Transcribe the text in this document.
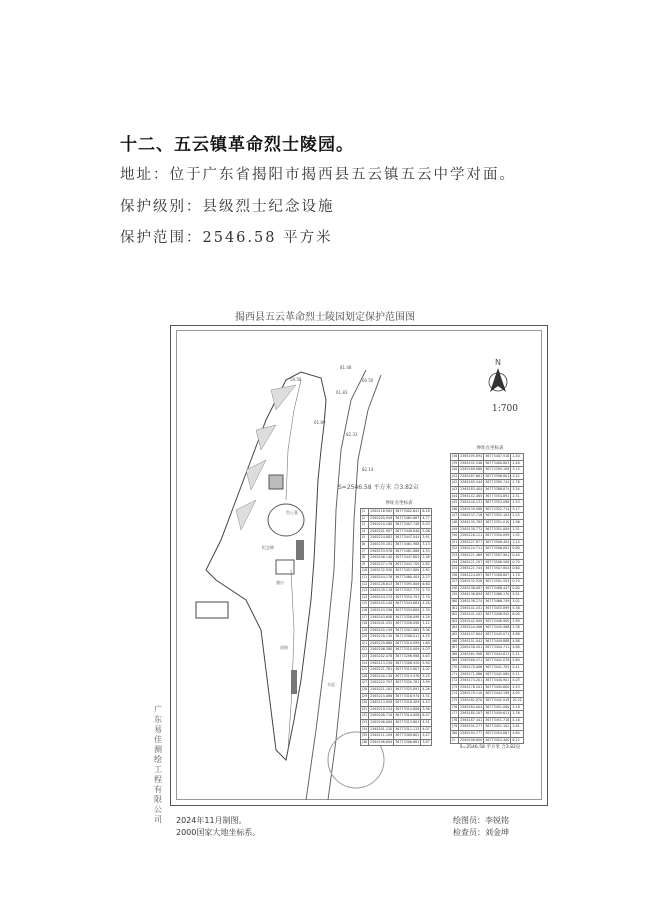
十二、五云镇革命烈士陵园。
地址：位于广东省揭阳市揭西县五云镇五云中学对面。
保护级别：县级烈士纪念设施
保护范围：2546.58 平方米
揭西县五云革命烈士陵园划定保护范围图
N
1:700
S=2546.58 平方米 合3.82亩
59.58
81.48
61.83
60.50
61.89
82.33
82.14
烈士墓
纪念碑
旗台
道路
水泥
界址点坐标表
J1	2565116.905	36773402.641	6.18
J2	2565205.949	36773465.887	4.77
J3	2565210.180	36773407.748	5.03
J4	2565201.907	36773448.848	5.06
J5	2565224.882	36773447.044	3.91
J6	2565255.181	36773461.988	3.13
J7	2565253.976	36773481.886	4.55
J8	2565246.140	36773447.804	2.46
J9	2565237.176	36773443.709	2.82
J10	2565232.930	36773457.889	2.82
J11	2565244.176	36773460.404	2.23
J12	2565228.813	36773395.806	6.60
J13	2565239.116	36773357.775	2.70
J14	2565244.215	36773354.791	2.70
J15	2565245.140	36773343.664	4.16
J16	2565243.536	36773334.689	1.39
J17	2565243.658	36773356.098	4.28
J18	2565241.532	36773356.098	1.12
J19	2565245.159	36773307.065	3.06
J20	2565228.130	36773308.011	4.55
J21	2565229.860	36773310.099	1.60
J22	2565206.380	36773310.009	4.03
J23	2565202.076	36773296.988	4.63
J24	2565213.250	36773306.920	5.90
J25	2565221.761	36773315.807	4.02
J26	2565240.130	36773313.976	3.25
J27	2565222.797	36773320.781	3.99
J28	2565221.181	36773325.891	4.26
J29	2565215.086	36773316.970	4.31
J30	2565213.059	36773316.409	4.43
J31	2565210.124	36773314.806	3.56
J32	2565208.710	36773314.006	6.37
J33	2565206.009	36773313.801	4.51
J34	2565201.120	36773311.113	4.07
J35	2565211.109	36773309.601	5.47
J36	2565196.809	36773306.861	3.87
界址点坐标表
J38	2565195.894	36773407.916	2.40
J39	2565192.546	36773400.803	2.40
J40	2565189.068	36773399.108	3.15
J41	2565187.661	36773398.801	3.42
J42	2565185.444	36773395.744	2.76
J43	2565183.404	36773386.874	3.54
J44	2565142.485	36773354.891	2.51
J45	2565140.131	36773353.098	2.53
J46	2565139.568	36773352.714	3.17
J47	2565137.718	36773352.104	2.25
J48	2565135.783	36773351.010	1.96
J49	2565130.771	36773351.009	1.51
J50	2565128.121	36773350.099	1.92
J51	2565127.877	36773506.404	1.14
J52	2565124.711	36773506.802	0.80
J53	2565121.469	36773507.901	0.40
J54	2565121.297	36773506.508	0.70
J55	2565121.744	36773507.804	0.60
J56	2565124.097	36773308.807	1.70
J57	2565132.528	36773501.553	0.70
J58	2565136.087	36773468.447	0.80
J59	2565136.894	36773468.170	5.91
J60	2565138.274	36773466.749	3.02
J61	2565141.431	36773455.899	5.38
J62	2565141.102	36773448.942	6.00
J63	2565142.009	36773448.900	3.89
J64	2565144.906	36773445.988	3.38
J65	2565147.804	36773445.071	4.88
J66	2565151.041	36773449.888	4.88
J67	2565158.201	36773444.711	4.80
J68	2565161.908	36773443.811	5.11
J69	2565168.471	36773442.076	5.60
J70	2565170.006	36773441.705	5.41
J71	2565171.086	36773441.080	5.11
J72	2565174.201	36773440.901	4.03
J73	2565176.201	36773445.600	2.43
J74	2565179.110	36773444.198	4.05
J75	2565182.870	36773442.918	10.22
J76	2565184.004	36773451.080	3.18
J77	2565185.207	36773449.611	1.76
J78	2565187.441	36773451.718	4.16
J79	2565191.277	36773451.102	2.81
J80	2565194.777	36773454.067	4.64
J1	2565196.809	36773454.300	6.22
S=2546.58 平方米 合3.82亩
广东易佳测绘工程有限公司 2024年11月制图。
2000国家大地坐标系。
绘图员：李锐铭
检查员：刘金坤
